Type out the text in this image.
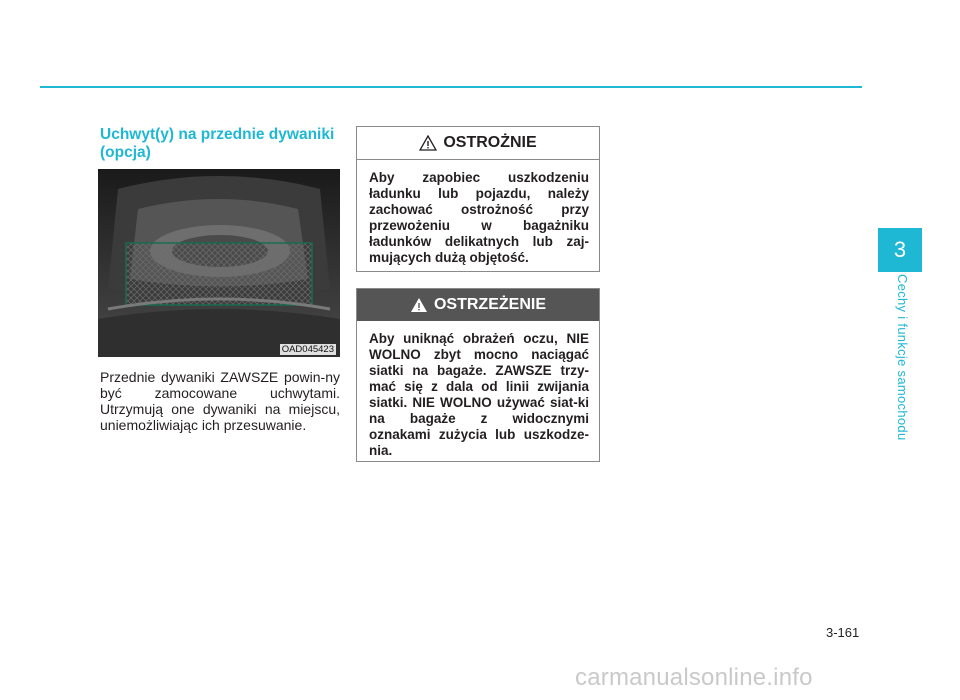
3
Cechy i funkcje samochodu
Uchwyt(y) na przednie dywaniki (opcja)
OAD045423
Przednie dywaniki ZAWSZE powin-ny być zamocowane uchwytami. Utrzymują one dywaniki na miejscu, uniemożliwiając ich przesuwanie.
OSTROŻNIE
Aby zapobiec uszkodzeniu ładunku lub pojazdu, należy zachować ostrożność przy przewożeniu w bagażniku ładunków delikatnych lub zaj-mujących dużą objętość.
OSTRZEŻENIE
Aby uniknąć obrażeń oczu, NIE WOLNO zbyt mocno naciągać siatki na bagaże. ZAWSZE trzy-mać się z dala od linii zwijania siatki. NIE WOLNO używać siat-ki na bagaże z widocznymi oznakami zużycia lub uszkodze-nia.
3-161
carmanualsonline.info
